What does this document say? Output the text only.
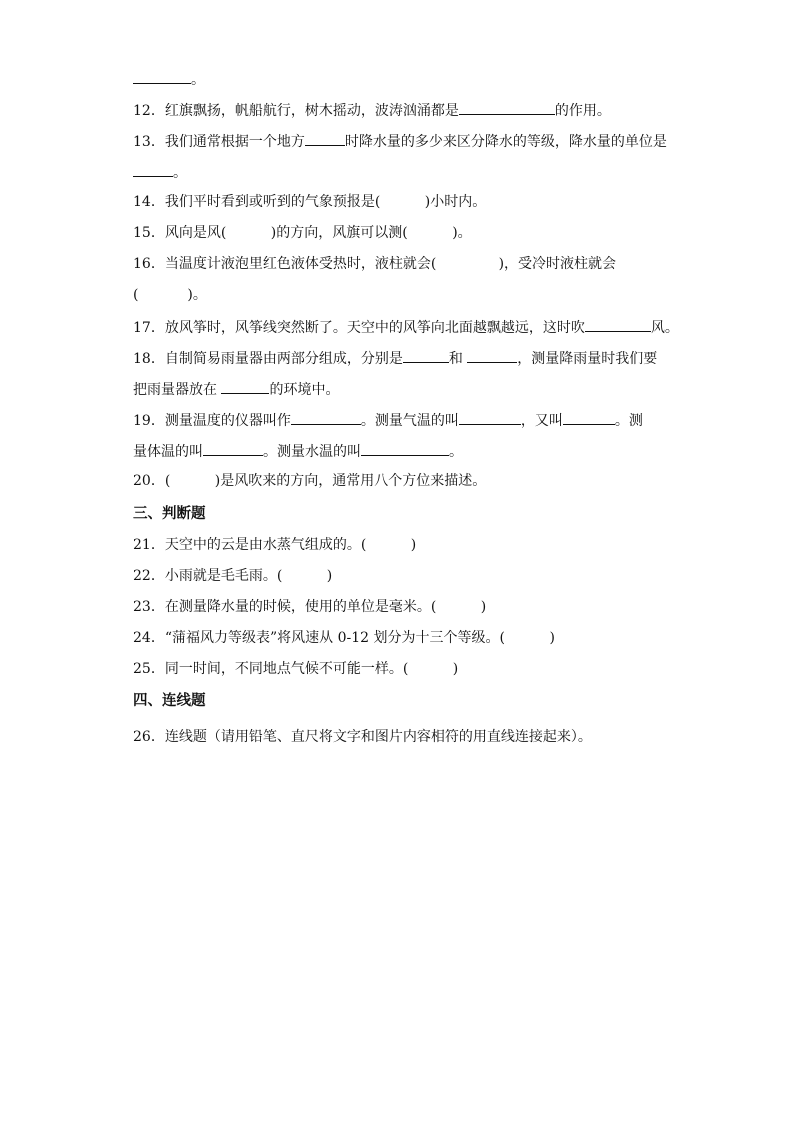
。
12．红旗飘扬，帆船航行，树木摇动，波涛汹涌都是	的作用。
13．我们通常根据一个地方	时降水量的多少来区分降水的等级，降水量的单位是
。
14．我们平时看到或听到的气象预报是(          )小时内。
15．风向是风(          )的方向，风旗可以测(          )。
16．当温度计液泡里红色液体受热时，液柱就会(              )，受冷时液柱就会
(           )。
17．放风筝时，风筝线突然断了。天空中的风筝向北面越飘越远，这时吹	风。
18．自制简易雨量器由两部分组成，分别是	和	，测量降雨量时我们要
把雨量器放在	的环境中。
19．测量温度的仪器叫作	。测量气温的叫	，又叫	。测
量体温的叫	。测量水温的叫	。
20．(          )是风吹来的方向，通常用八个方位来描述。
三、判断题
21．天空中的云是由水蒸气组成的。(          )
22．小雨就是毛毛雨。(          )
23．在测量降水量的时候，使用的单位是毫米。(          )
24．“蒲福风力等级表”将风速从 0-12 划分为十三个等级。(          )
25．同一时间，不同地点气候不可能一样。(          )
四、连线题
26．连线题（请用铅笔、直尺将文字和图片内容相符的用直线连接起来）。
